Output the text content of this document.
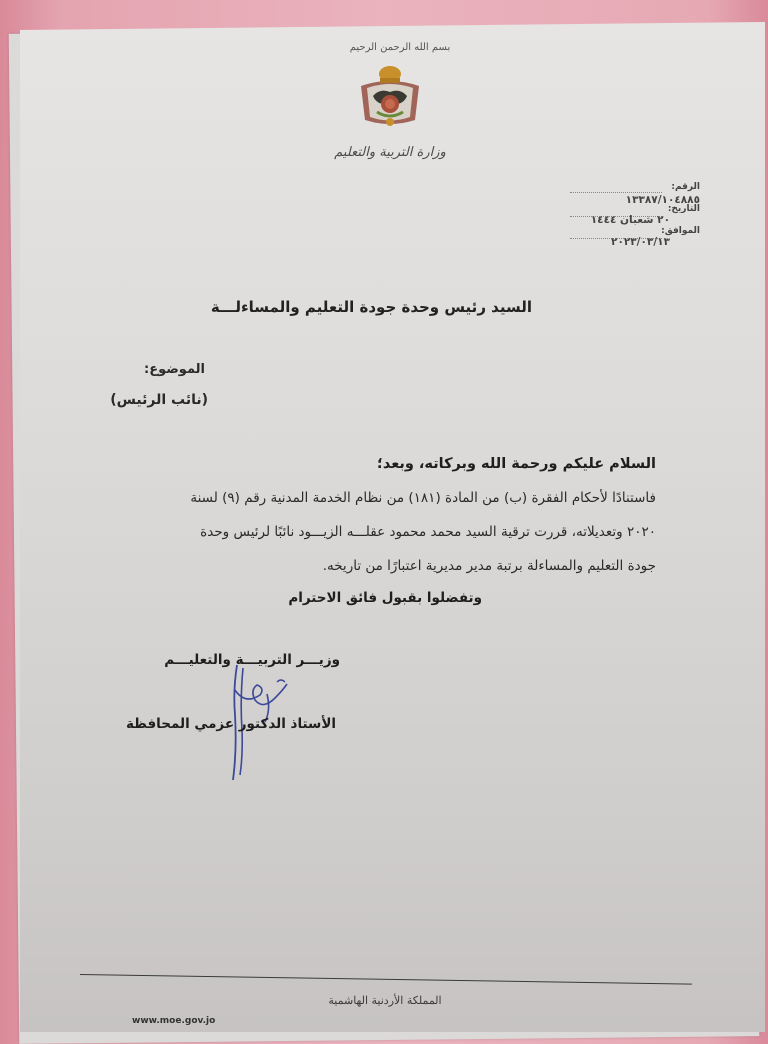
بسم الله الرحمن الرحيم
وزارة التربية والتعليم
الرقم:
١٣٣٨٧/١٠٤٨٨٥
التاريخ:
٢٠ شعبان ١٤٤٤
الموافق:
٢٠٢٣/٠٣/١٣
السيد رئيس وحدة جودة التعليم والمساءلـــة
الموضوع:
(نائب الرئيس)
السلام عليكم ورحمة الله وبركاته، وبعد؛
فاستنادًا لأحكام الفقرة (ب) من المادة (١٨١) من نظام الخدمة المدنية رقم (٩) لسنة
٢٠٢٠ وتعديلاته، قررت ترقية السيد محمد محمود عقلـــه الزيـــود نائبًا لرئيس وحدة
جودة التعليم والمساءلة برتبة مدير مديرية اعتبارًا من تاريخه.
وتفضلوا بقبول فائق الاحترام
وزيـــر التربيـــة والتعليـــم
الأستاذ الدكتور عزمي المحافظة
المملكة الأردنية الهاشمية
www.moe.gov.jo
